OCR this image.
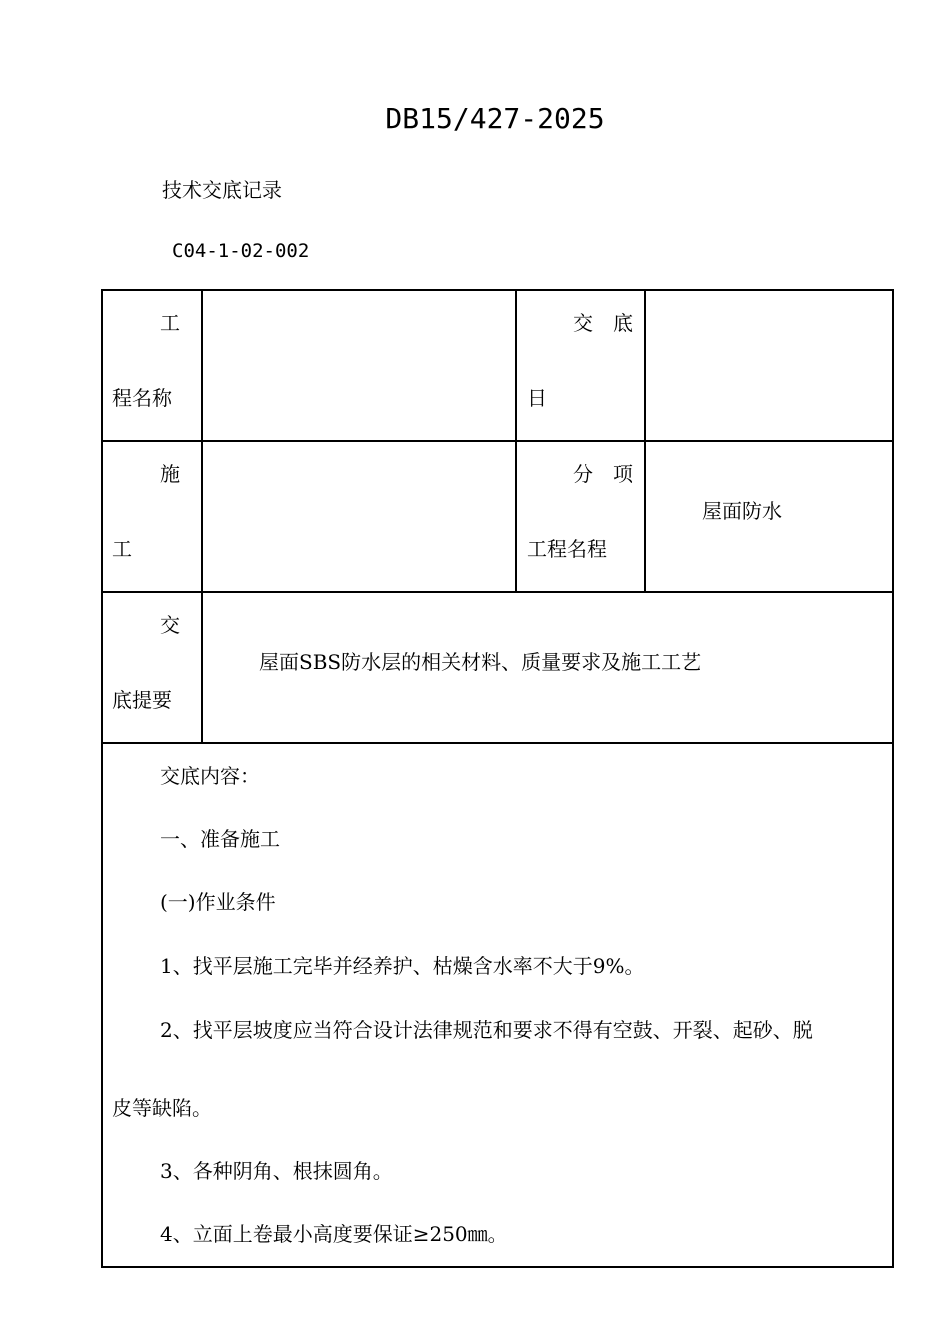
DB15/427-2025
技术交底记录
C04-1-02-002
工
程名称
交　底
日
施
工
分　项
工程名程
屋面防水
交
底提要
屋面SBS防水层的相关材料、质量要求及施工工艺
交底内容：
一、准备施工
(一)作业条件
1、找平层施工完毕并经养护、枯燥含水率不大于9%。
2、找平层坡度应当符合设计法律规范和要求不得有空鼓、开裂、起砂、脱
皮等缺陷。
3、各种阴角、根抹圆角。
4、立面上卷最小高度要保证≥250㎜。
